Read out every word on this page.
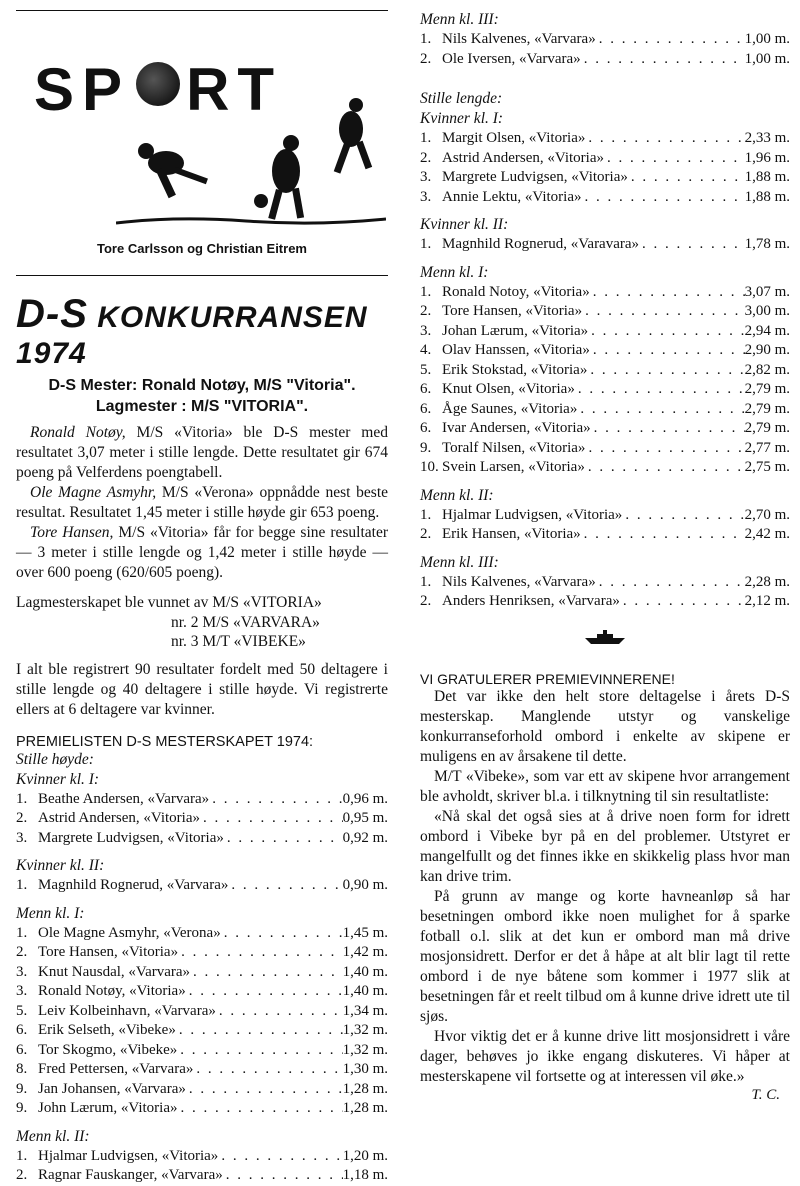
SP RT
Tore Carlsson og Christian Eitrem
D-S KONKURRANSEN 1974
D-S Mester: Ronald Notøy, M/S "Vitoria".
Lagmester : M/S "VITORIA".

Ronald Notøy, M/S «Vitoria» ble D-S mester med resultatet 3,07 meter i stille lengde. Dette resultatet gir 674 poeng på Velferdens poengtabell.

Ole Magne Asmyhr, M/S «Verona» oppnådde nest beste resultat. Resultatet 1,45 meter i stille høyde gir 653 poeng.

Tore Hansen, M/S «Vitoria» får for begge sine resultater — 3 meter i stille lengde og 1,42 meter i stille høyde — over 600 poeng (620/605 poeng).

Lagmesterskapet ble vunnet av M/S «VITORIA»
nr. 2 M/S «VARVARA»
nr. 3 M/T «VIBEKE»

I alt ble registrert 90 resultater fordelt med 50 deltagere i stille lengde og 40 deltagere i stille høyde. Vi registrerte ellers at 6 deltagere var kvinner.

PREMIELISTEN D-S MESTERSKAPET 1974:
Stille høyde:
Kvinner kl. I:
1. Beathe Andersen, «Varvara» . . .	0,96 m.
2. Astrid Andersen, «Vitoria» . . .	0,95 m.
3. Margrete Ludvigsen, «Vitoria» . . .	0,92 m.
Kvinner kl. II:
1. Magnhild Rognerud, «Varvara» . . .	0,90 m.
Menn kl. I:
1. Ole Magne Asmyhr, «Verona» . . .	1,45 m.
2. Tore Hansen, «Vitoria» . . .	1,42 m.
3. Knut Nausdal, «Varvara» . . .	1,40 m.
3. Ronald Notøy, «Vitoria» . . .	1,40 m.
5. Leiv Kolbeinhavn, «Varvara» . . .	1,34 m.
6. Erik Selseth, «Vibeke» . . .	1,32 m.
6. Tor Skogmo, «Vibeke» . . .	1,32 m.
8. Fred Pettersen, «Varvara» . . .	1,30 m.
9. Jan Johansen, «Varvara» . . .	1,28 m.
9. John Lærum, «Vitoria» . . .	1,28 m.
Menn kl. II:
1. Hjalmar Ludvigsen, «Vitoria» . . .	1,20 m.
2. Ragnar Fauskanger, «Varvara» . . .	1,18 m.
Menn kl. III:
1. Nils Kalvenes, «Varvara» . . .	1,00 m.
2. Ole Iversen, «Varvara» . . .	1,00 m.
Stille lengde:
Kvinner kl. I:
1. Margit Olsen, «Vitoria» . . .	2,33 m.
2. Astrid Andersen, «Vitoria» . . .	1,96 m.
3. Margrete Ludvigsen, «Vitoria» . . .	1,88 m.
3. Annie Lektu, «Vitoria» . . .	1,88 m.
Kvinner kl. II:
1. Magnhild Rognerud, «Varavara» . . .	1,78 m.
Menn kl. I:
1. Ronald Notoy, «Vitoria» . . .	3,07 m.
2. Tore Hansen, «Vitoria» . . .	3,00 m.
3. Johan Lærum, «Vitoria» . . .	2,94 m.
4. Olav Hanssen, «Vitoria» . . .	2,90 m.
5. Erik Stokstad, «Vitoria» . . .	2,82 m.
6. Knut Olsen, «Vitoria» . . .	2,79 m.
6. Åge Saunes, «Vitoria» . . .	2,79 m.
6. Ivar Andersen, «Vitoria» . . .	2,79 m.
9. Toralf Nilsen, «Vitoria» . . .	2,77 m.
10. Svein Larsen, «Vitoria» . . .	2,75 m.
Menn kl. II:
1. Hjalmar Ludvigsen, «Vitoria» . . .	2,70 m.
2. Erik Hansen, «Vitoria» . . .	2,42 m.
Menn kl. III:
1. Nils Kalvenes, «Varvara» . . .	2,28 m.
2. Anders Henriksen, «Varvara» . . .	2,12 m.
VI GRATULERER PREMIEVINNERENE!

Det var ikke den helt store deltagelse i årets D-S mesterskap. Manglende utstyr og vanskelige konkurranseforhold ombord i enkelte av skipene er muligens en av årsakene til dette.

M/T «Vibeke», som var ett av skipene hvor arrangement ble avholdt, skriver bl.a. i tilknytning til sin resultatliste:

«Nå skal det også sies at å drive noen form for idrett ombord i Vibeke byr på en del problemer. Utstyret er mangelfullt og det finnes ikke en skikkelig plass hvor man kan drive trim.

På grunn av mange og korte havneanløp så har besetningen ombord ikke noen mulighet for å sparke fotball o.l. slik at det kun er ombord man må drive mosjonsidrett. Derfor er det å håpe at alt blir lagt til rette ombord i de nye båtene som kommer i 1977 slik at besetningen får et reelt tilbud om å kunne drive idrett ute til sjøs.

Hvor viktig det er å kunne drive litt mosjonsidrett i våre dager, behøves jo ikke engang diskuteres. Vi håper at mesterskapene vil fortsette og at interessen vil øke.»

T. C.
